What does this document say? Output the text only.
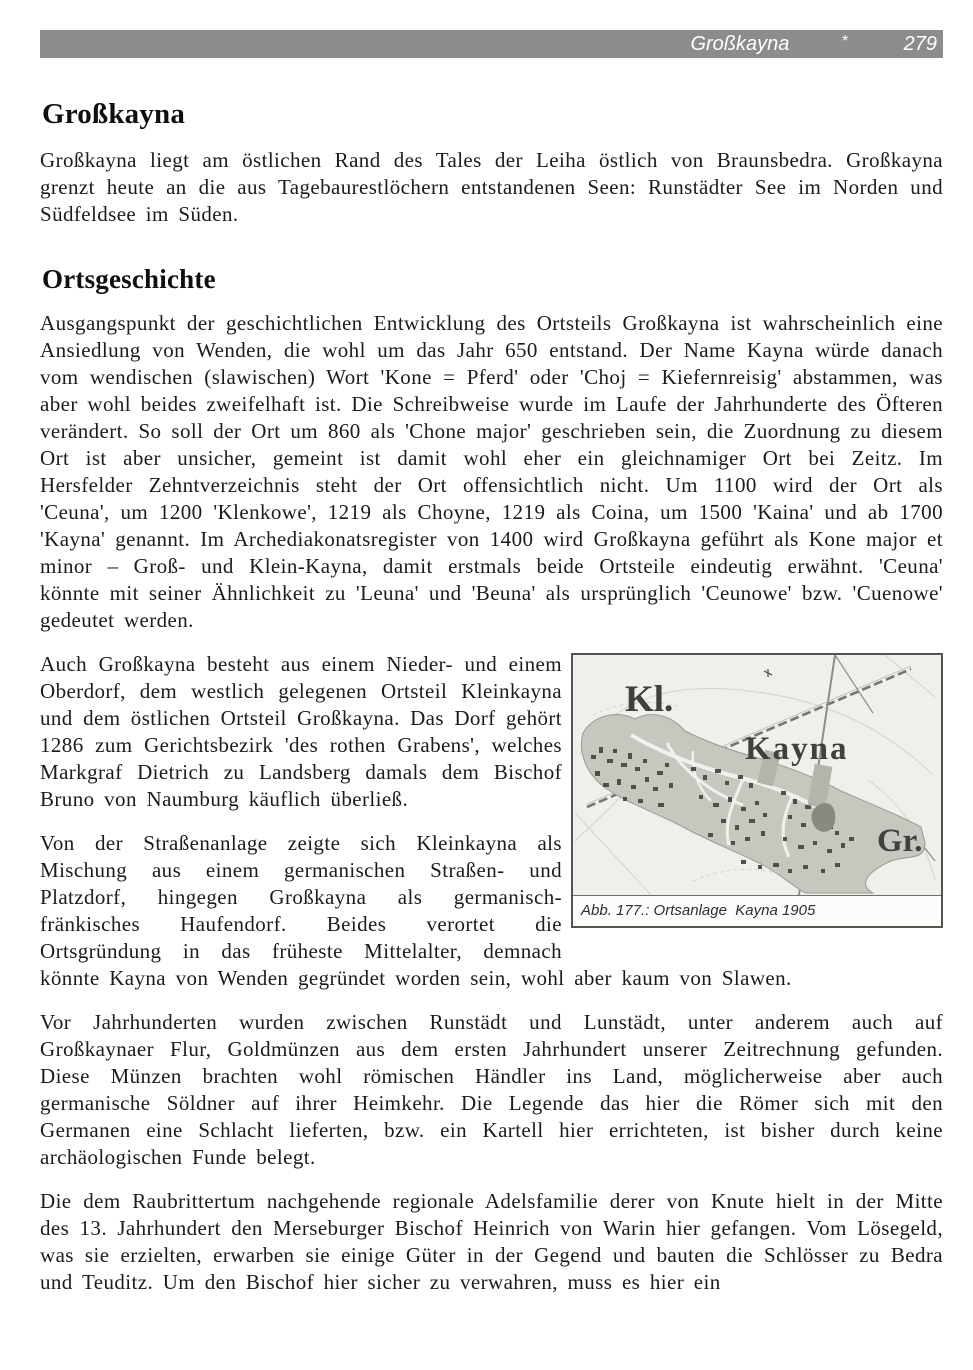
Großkayna	*	279
Großkayna

Großkayna liegt am östlichen Rand des Tales der Leiha östlich von Braunsbedra. Großkayna grenzt heute an die aus Tagebaurestlöchern entstandenen Seen: Runstädter See im Norden und Südfeldsee im Süden.

Ortsgeschichte

Ausgangspunkt der geschichtlichen Entwicklung des Ortsteils Großkayna ist wahrscheinlich eine Ansiedlung von Wenden, die wohl um das Jahr 650 entstand. Der Name Kayna würde danach vom wendischen (slawischen) Wort 'Kone = Pferd' oder 'Choj = Kiefernreisig' abstammen, was aber wohl beides zweifelhaft ist. Die Schreibweise wurde im Laufe der Jahrhunderte des Öfteren verändert. So soll der Ort um 860 als 'Chone major' geschrieben sein, die Zuordnung zu diesem Ort ist aber unsicher, gemeint ist damit wohl eher ein gleichnamiger Ort bei Zeitz. Im Hersfelder Zehntverzeichnis steht der Ort offensichtlich nicht. Um 1100 wird der Ort als 'Ceuna', um 1200 'Klenkowe', 1219 als Choyne, 1219 als Coina, um 1500 'Kaina' und ab 1700 'Kayna' genannt. Im Archediakonatsregister von 1400 wird Großkayna geführt als Kone major et minor – Groß- und Klein-Kayna, damit erstmals beide Ortsteile eindeutig erwähnt. 'Ceuna' könnte mit seiner Ähnlichkeit zu 'Leuna' und 'Beuna' als ursprünglich 'Ceunowe' bzw. 'Cuenowe' gedeutet werden.

Kl.
Kayna
Gr.
Abb. 177.: Ortsanlage  Kayna 1905

Auch Großkayna besteht aus einem Nieder- und einem Oberdorf, dem westlich gelegenen Ortsteil Kleinkayna und dem östlichen Ortsteil Großkayna. Das Dorf gehört 1286 zum Gerichtsbezirk 'des rothen Grabens', welches Markgraf Dietrich zu Landsberg damals dem Bischof Bruno von Naumburg käuflich überließ.

Von der Straßenanlage zeigte sich Kleinkayna als Mischung aus einem germanischen Straßen- und Platzdorf, hingegen Großkayna als germanisch-fränkisches Haufendorf. Beides verortet die Ortsgründung in das früheste Mittelalter, demnach könnte Kayna von Wenden gegründet worden sein, wohl aber kaum von Slawen.

Vor Jahrhunderten wurden zwischen Runstädt und Lunstädt, unter anderem auch auf Großkaynaer Flur, Goldmünzen aus dem ersten Jahrhundert unserer Zeitrechnung gefunden. Diese Münzen brachten wohl römischen Händler ins Land, möglicherweise aber auch germanische Söldner auf ihrer Heimkehr. Die Legende das hier die Römer sich mit den Germanen eine Schlacht lieferten, bzw. ein Kartell hier errichteten, ist bisher durch keine archäologischen Funde belegt.

Die dem Raubrittertum nachgehende regionale Adelsfamilie derer von Knute hielt in der Mitte des 13. Jahrhundert den Merseburger Bischof Heinrich von Warin hier gefangen. Vom Lösegeld, was sie erzielten, erwarben sie einige Güter in der Gegend und bauten die Schlösser zu Bedra und Teuditz. Um den Bischof hier sicher zu verwahren, muss es hier ein
